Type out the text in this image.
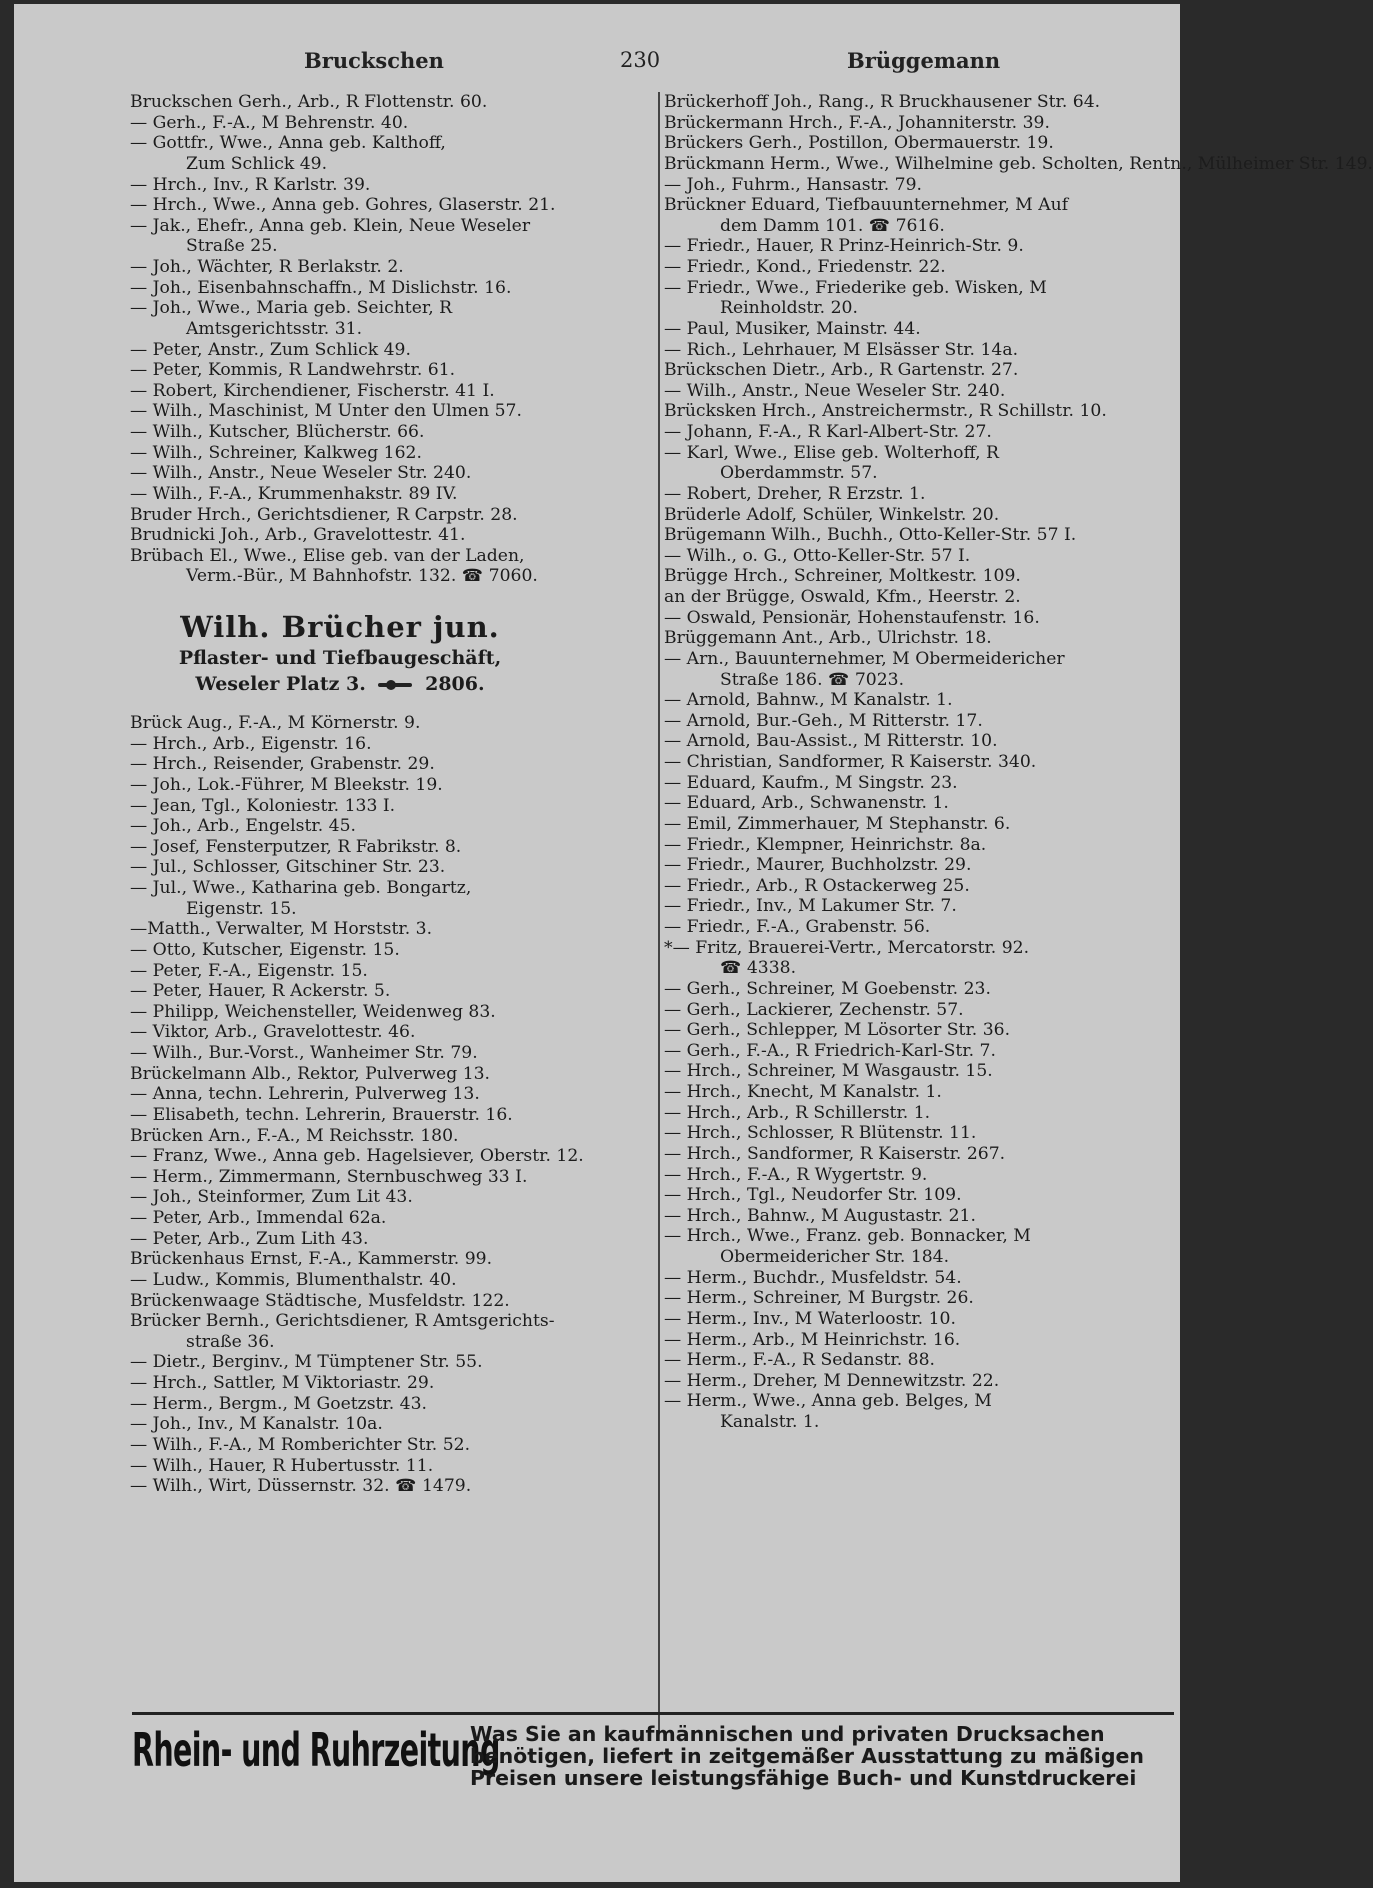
Bruckschen	230	Brüggemann
Bruckschen Gerh., Arb., R Flottenstr. 60.
— Gerh., F.-A., M Behrenstr. 40.
— Gottfr., Wwe., Anna geb. Kalthoff,
Zum Schlick 49.
— Hrch., Inv., R Karlstr. 39.
— Hrch., Wwe., Anna geb. Gohres, Glaserstr. 21.
— Jak., Ehefr., Anna geb. Klein, Neue Weseler
Straße 25.
— Joh., Wächter, R Berlakstr. 2.
— Joh., Eisenbahnschaffn., M Dislichstr. 16.
— Joh., Wwe., Maria geb. Seichter, R
Amtsgerichtsstr. 31.
— Peter, Anstr., Zum Schlick 49.
— Peter, Kommis, R Landwehrstr. 61.
— Robert, Kirchendiener, Fischerstr. 41 I.
— Wilh., Maschinist, M Unter den Ulmen 57.
— Wilh., Kutscher, Blücherstr. 66.
— Wilh., Schreiner, Kalkweg 162.
— Wilh., Anstr., Neue Weseler Str. 240.
— Wilh., F.-A., Krummenhakstr. 89 IV.
Bruder Hrch., Gerichtsdiener, R Carpstr. 28.
Brudnicki Joh., Arb., Gravelottestr. 41.
Brübach El., Wwe., Elise geb. van der Laden,
Verm.-Bür., M Bahnhofstr. 132. ☎ 7060.
Wilh. Brücher jun.
Pflaster- und Tiefbaugeschäft,
Weseler Platz 3.	2806.
Brück Aug., F.-A., M Körnerstr. 9.
— Hrch., Arb., Eigenstr. 16.
— Hrch., Reisender, Grabenstr. 29.
— Joh., Lok.-Führer, M Bleekstr. 19.
— Jean, Tgl., Koloniestr. 133 I.
— Joh., Arb., Engelstr. 45.
— Josef, Fensterputzer, R Fabrikstr. 8.
— Jul., Schlosser, Gitschiner Str. 23.
— Jul., Wwe., Katharina geb. Bongartz,
Eigenstr. 15.
—Matth., Verwalter, M Horststr. 3.
— Otto, Kutscher, Eigenstr. 15.
— Peter, F.-A., Eigenstr. 15.
— Peter, Hauer, R Ackerstr. 5.
— Philipp, Weichensteller, Weidenweg 83.
— Viktor, Arb., Gravelottestr. 46.
— Wilh., Bur.-Vorst., Wanheimer Str. 79.
Brückelmann Alb., Rektor, Pulverweg 13.
— Anna, techn. Lehrerin, Pulverweg 13.
— Elisabeth, techn. Lehrerin, Brauerstr. 16.
Brücken Arn., F.-A., M Reichsstr. 180.
— Franz, Wwe., Anna geb. Hagelsiever, Oberstr. 12.
— Herm., Zimmermann, Sternbuschweg 33 I.
— Joh., Steinformer, Zum Lit 43.
— Peter, Arb., Immendal 62a.
— Peter, Arb., Zum Lith 43.
Brückenhaus Ernst, F.-A., Kammerstr. 99.
— Ludw., Kommis, Blumenthalstr. 40.
Brückenwaage Städtische, Musfeldstr. 122.
Brücker Bernh., Gerichtsdiener, R Amtsgerichts-
straße 36.
— Dietr., Berginv., M Tümptener Str. 55.
— Hrch., Sattler, M Viktoriastr. 29.
— Herm., Bergm., M Goetzstr. 43.
— Joh., Inv., M Kanalstr. 10a.
— Wilh., F.-A., M Romberichter Str. 52.
— Wilh., Hauer, R Hubertusstr. 11.
— Wilh., Wirt, Düssernstr. 32. ☎ 1479.
Brückerhoff Joh., Rang., R Bruckhausener Str. 64.
Brückermann Hrch., F.-A., Johanniterstr. 39.
Brückers Gerh., Postillon, Obermauerstr. 19.
Brückmann Herm., Wwe., Wilhelmine geb. Scholten, Rentn., Mülheimer Str. 149.
— Joh., Fuhrm., Hansastr. 79.
Brückner Eduard, Tiefbauunternehmer, M Auf
dem Damm 101. ☎ 7616.
— Friedr., Hauer, R Prinz-Heinrich-Str. 9.
— Friedr., Kond., Friedenstr. 22.
— Friedr., Wwe., Friederike geb. Wisken, M
Reinholdstr. 20.
— Paul, Musiker, Mainstr. 44.
— Rich., Lehrhauer, M Elsässer Str. 14a.
Brückschen Dietr., Arb., R Gartenstr. 27.
— Wilh., Anstr., Neue Weseler Str. 240.
Brücksken Hrch., Anstreichermstr., R Schillstr. 10.
— Johann, F.-A., R Karl-Albert-Str. 27.
— Karl, Wwe., Elise geb. Wolterhoff, R
Oberdammstr. 57.
— Robert, Dreher, R Erzstr. 1.
Brüderle Adolf, Schüler, Winkelstr. 20.
Brügemann Wilh., Buchh., Otto-Keller-Str. 57 I.
— Wilh., o. G., Otto-Keller-Str. 57 I.
Brügge Hrch., Schreiner, Moltkestr. 109.
an der Brügge, Oswald, Kfm., Heerstr. 2.
— Oswald, Pensionär, Hohenstaufenstr. 16.
Brüggemann Ant., Arb., Ulrichstr. 18.
— Arn., Bauunternehmer, M Obermeidericher
Straße 186. ☎ 7023.
— Arnold, Bahnw., M Kanalstr. 1.
— Arnold, Bur.-Geh., M Ritterstr. 17.
— Arnold, Bau-Assist., M Ritterstr. 10.
— Christian, Sandformer, R Kaiserstr. 340.
— Eduard, Kaufm., M Singstr. 23.
— Eduard, Arb., Schwanenstr. 1.
— Emil, Zimmerhauer, M Stephanstr. 6.
— Friedr., Klempner, Heinrichstr. 8a.
— Friedr., Maurer, Buchholzstr. 29.
— Friedr., Arb., R Ostackerweg 25.
— Friedr., Inv., M Lakumer Str. 7.
— Friedr., F.-A., Grabenstr. 56.
*— Fritz, Brauerei-Vertr., Mercatorstr. 92.
☎ 4338.
— Gerh., Schreiner, M Goebenstr. 23.
— Gerh., Lackierer, Zechenstr. 57.
— Gerh., Schlepper, M Lösorter Str. 36.
— Gerh., F.-A., R Friedrich-Karl-Str. 7.
— Hrch., Schreiner, M Wasgaustr. 15.
— Hrch., Knecht, M Kanalstr. 1.
— Hrch., Arb., R Schillerstr. 1.
— Hrch., Schlosser, R Blütenstr. 11.
— Hrch., Sandformer, R Kaiserstr. 267.
— Hrch., F.-A., R Wygertstr. 9.
— Hrch., Tgl., Neudorfer Str. 109.
— Hrch., Bahnw., M Augustastr. 21.
— Hrch., Wwe., Franz. geb. Bonnacker, M
Obermeidericher Str. 184.
— Herm., Buchdr., Musfeldstr. 54.
— Herm., Schreiner, M Burgstr. 26.
— Herm., Inv., M Waterloostr. 10.
— Herm., Arb., M Heinrichstr. 16.
— Herm., F.-A., R Sedanstr. 88.
— Herm., Dreher, M Dennewitzstr. 22.
— Herm., Wwe., Anna geb. Belges, M
Kanalstr. 1.
Rhein- und Ruhrzeitung
Was Sie an kaufmännischen und privaten Drucksachen
benötigen, liefert in zeitgemäßer Ausstattung zu mäßigen
Preisen unsere leistungsfähige Buch- und Kunstdruckerei
